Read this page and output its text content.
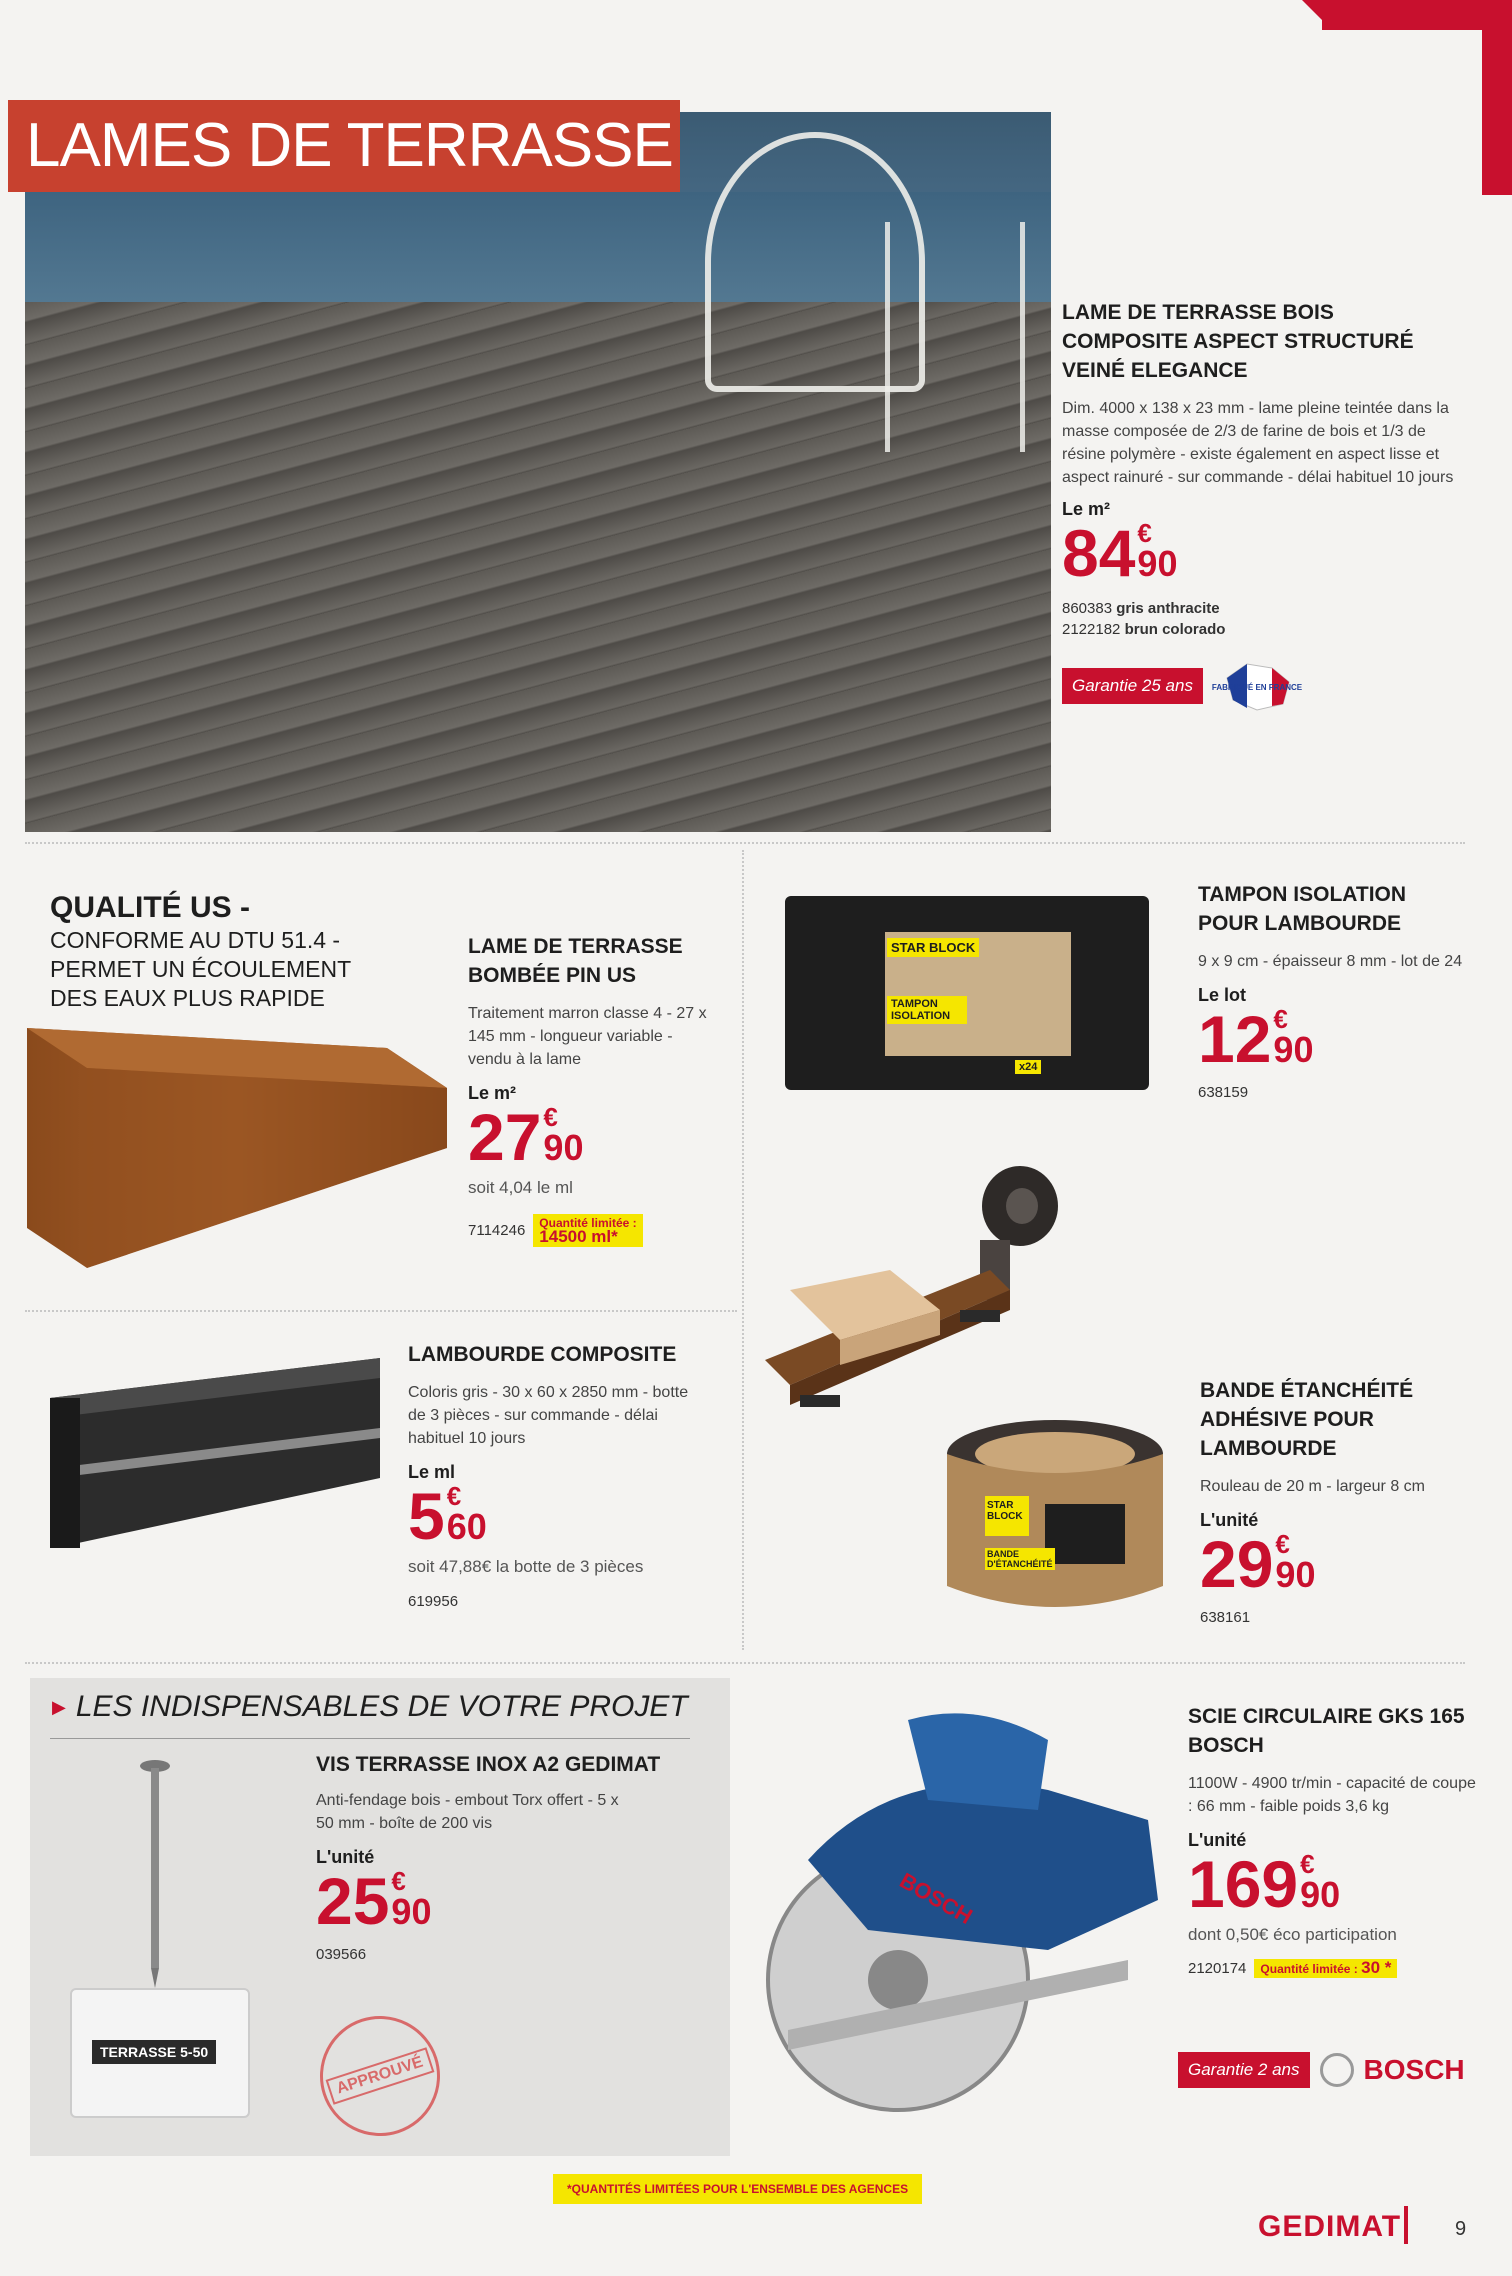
LAMES DE TERRASSE
LAME DE TERRASSE BOIS COMPOSITE ASPECT STRUCTURÉ VEINÉ ELEGANCE
Dim. 4000 x 138 x 23 mm - lame pleine teintée dans la masse composée de 2/3 de farine de bois et 1/3 de résine polymère - existe également en aspect lisse et aspect rainuré - sur commande - délai habituel 10 jours
Le m²
84 €
90
860383 gris anthracite
2122182 brun colorado
Garantie 25 ans	FABRIQUÉ EN FRANCE
QUALITÉ US -
CONFORME AU DTU 51.4 - PERMET UN ÉCOULEMENT DES EAUX PLUS RAPIDE
LAME DE TERRASSE BOMBÉE PIN US
Traitement marron classe 4 - 27 x 145 mm - longueur variable - vendu à la lame
Le m²
27 €
90
soit 4,04 le ml
7114246	Quantité limitée :
14500 ml*
STAR BLOCK
TAMPON ISOLATION
x24
TAMPON ISOLATION POUR LAMBOURDE
9 x 9 cm - épaisseur 8 mm - lot de 24
Le lot
12 €
90
638159
LAMBOURDE COMPOSITE
Coloris gris - 30 x 60 x 2850 mm - botte de 3 pièces - sur commande - délai habituel 10 jours
Le ml
5 €
60
soit 47,88€ la botte de 3 pièces
619956
STAR BLOCK
BANDE D'ÉTANCHÉITÉ
BANDE ÉTANCHÉITÉ ADHÉSIVE POUR LAMBOURDE
Rouleau de 20 m - largeur 8 cm
L'unité
29 €
90
638161
▶ LES INDISPENSABLES DE VOTRE PROJET
TERRASSE 5-50
APPROUVÉ
VIS TERRASSE INOX A2 GEDIMAT
Anti-fendage bois - embout Torx offert - 5 x 50 mm - boîte de 200 vis
L'unité
25 €
90
039566
BOSCH
SCIE CIRCULAIRE GKS 165 BOSCH
1100W - 4900 tr/min - capacité de coupe : 66 mm - faible poids 3,6 kg
L'unité
169 €
90
dont 0,50€ éco participation
2120174	Quantité limitée : 30 *
Garantie 2 ans	BOSCH
*QUANTITÉS LIMITÉES POUR L'ENSEMBLE DES AGENCES
GEDIMAT	9
